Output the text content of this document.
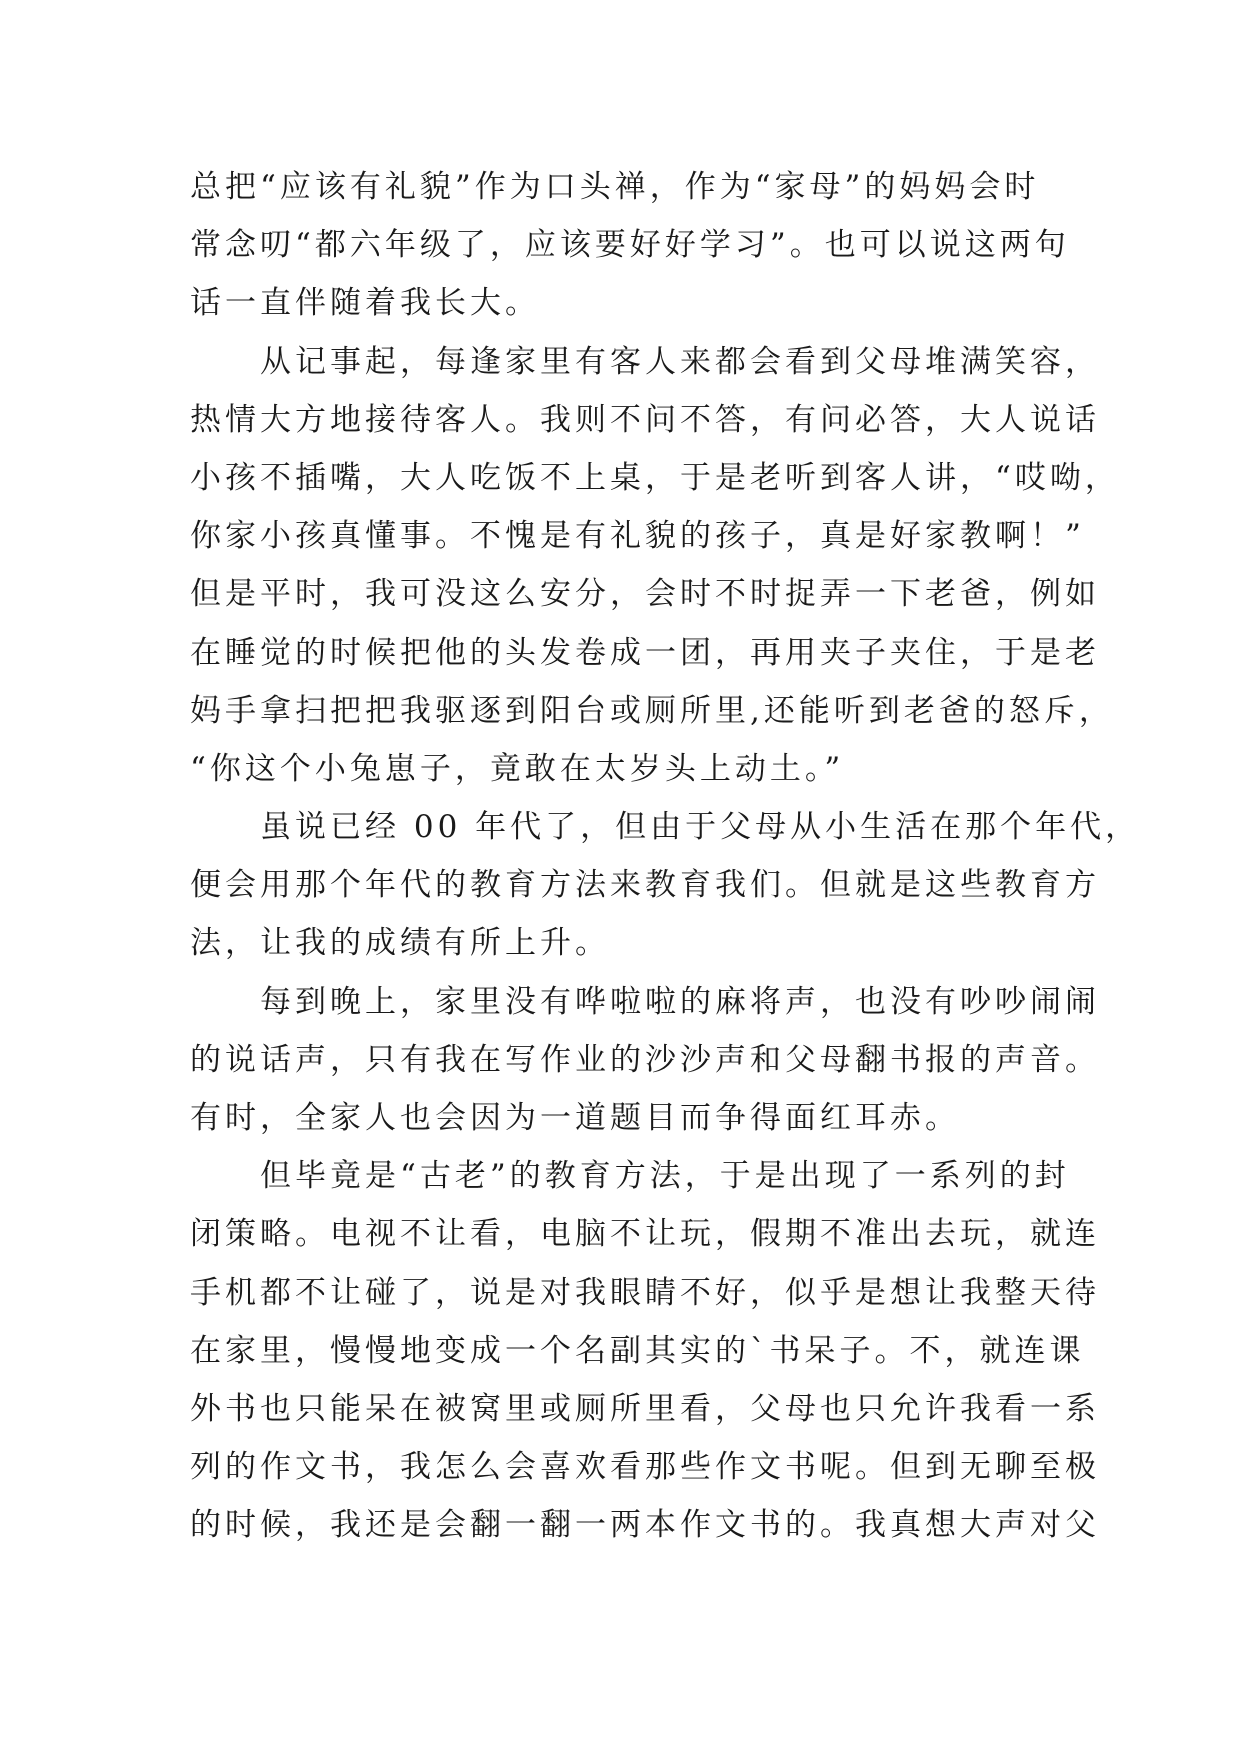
总把“应该有礼貌”作为口头禅，作为“家母”的妈妈会时
常念叨“都六年级了，应该要好好学习”。也可以说这两句
话一直伴随着我长大。
从记事起，每逢家里有客人来都会看到父母堆满笑容，
热情大方地接待客人。我则不问不答，有问必答，大人说话
小孩不插嘴，大人吃饭不上桌，于是老听到客人讲，“哎呦，
你家小孩真懂事。不愧是有礼貌的孩子，真是好家教啊！”
但是平时，我可没这么安分，会时不时捉弄一下老爸，例如
在睡觉的时候把他的头发卷成一团，再用夹子夹住，于是老
妈手拿扫把把我驱逐到阳台或厕所里,还能听到老爸的怒斥，
“你这个小兔崽子，竟敢在太岁头上动土。”
虽说已经 00 年代了，但由于父母从小生活在那个年代，
便会用那个年代的教育方法来教育我们。但就是这些教育方
法，让我的成绩有所上升。
每到晚上，家里没有哗啦啦的麻将声，也没有吵吵闹闹
的说话声，只有我在写作业的沙沙声和父母翻书报的声音。
有时，全家人也会因为一道题目而争得面红耳赤。
但毕竟是“古老”的教育方法，于是出现了一系列的封
闭策略。电视不让看，电脑不让玩，假期不准出去玩，就连
手机都不让碰了，说是对我眼睛不好，似乎是想让我整天待
在家里，慢慢地变成一个名副其实的`书呆子。不，就连课
外书也只能呆在被窝里或厕所里看，父母也只允许我看一系
列的作文书，我怎么会喜欢看那些作文书呢。但到无聊至极
的时候，我还是会翻一翻一两本作文书的。我真想大声对父
